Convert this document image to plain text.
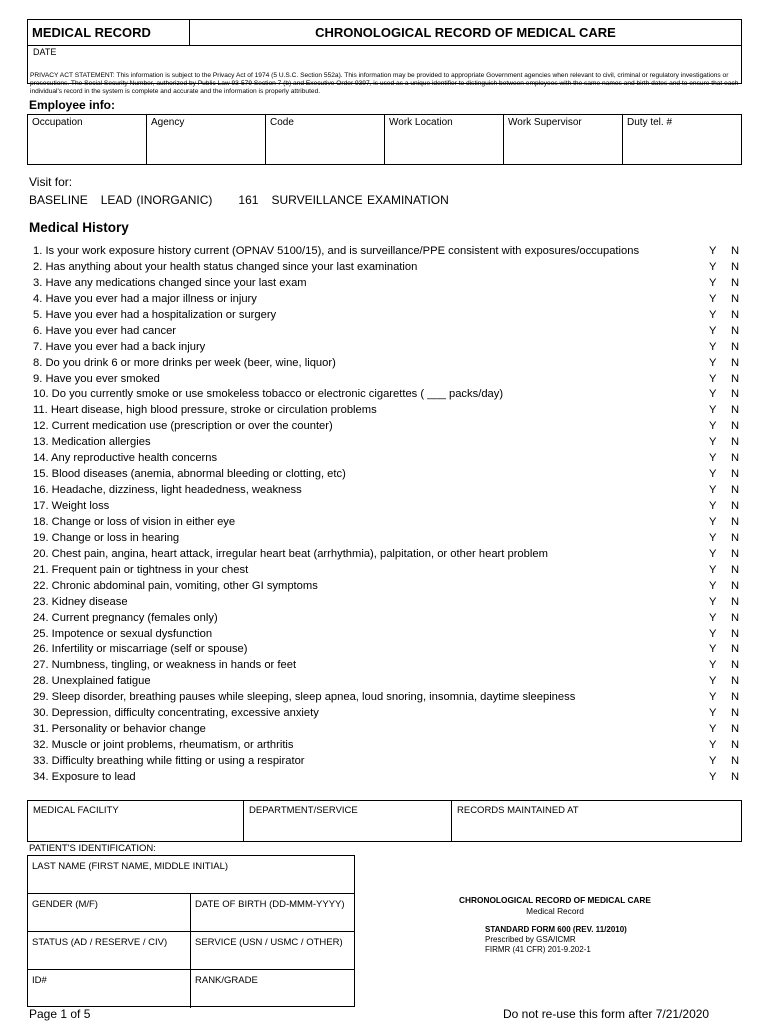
MEDICAL RECORD	CHRONOLOGICAL RECORD OF MEDICAL CARE
DATE
PRIVACY ACT STATEMENT: This information is subject to the Privacy Act of 1974 (5 U.S.C. Section 552a). This information may be provided to appropriate Government agencies when relevant to civil, criminal or regulatory investigations or prosecutions. The Social Security Number, authorized by Public Law 93-579 Section 7 (b) and Executive Order 9397, is used as a unique identifier to distinguish between employees with the same names and birth dates and to ensure that each individual's record in the system is complete and accurate and the information is properly attributed.
Employee info:
Occupation	Agency	Code	Work Location	Work Supervisor	Duty tel. #
Visit for:
BASELINE LEAD (INORGANIC) 161 SURVEILLANCE EXAMINATION
Medical History
1. Is your work exposure history current (OPNAV 5100/15), and is surveillance/PPE consistent with exposures/occupations	Y N
2. Has anything about your health status changed since your last examination	Y N
3. Have any medications changed since your last exam	Y N
4. Have you ever had a major illness or injury	Y N
5. Have you ever had a hospitalization or surgery	Y N
6. Have you ever had cancer	Y N
7. Have you ever had a back injury	Y N
8. Do you drink 6 or more drinks per week (beer, wine, liquor)	Y N
9. Have you ever smoked	Y N
10. Do you currently smoke or use smokeless tobacco or electronic cigarettes ( ___ packs/day)	Y N
11. Heart disease, high blood pressure, stroke or circulation problems	Y N
12. Current medication use (prescription or over the counter)	Y N
13. Medication allergies	Y N
14. Any reproductive health concerns	Y N
15. Blood diseases (anemia, abnormal bleeding or clotting, etc)	Y N
16. Headache, dizziness, light headedness, weakness	Y N
17. Weight loss	Y N
18. Change or loss of vision in either eye	Y N
19. Change or loss in hearing	Y N
20. Chest pain, angina, heart attack, irregular heart beat (arrhythmia), palpitation, or other heart problem	Y N
21. Frequent pain or tightness in your chest	Y N
22. Chronic abdominal pain, vomiting, other GI symptoms	Y N
23. Kidney disease	Y N
24. Current pregnancy (females only)	Y N
25. Impotence or sexual dysfunction	Y N
26. Infertility or miscarriage (self or spouse)	Y N
27. Numbness, tingling, or weakness in hands or feet	Y N
28. Unexplained fatigue	Y N
29. Sleep disorder, breathing pauses while sleeping, sleep apnea, loud snoring, insomnia, daytime sleepiness	Y N
30. Depression, difficulty concentrating, excessive anxiety	Y N
31. Personality or behavior change	Y N
32. Muscle or joint problems, rheumatism, or arthritis	Y N
33. Difficulty breathing while fitting or using a respirator	Y N
34. Exposure to lead	Y N
MEDICAL FACILITY	DEPARTMENT/SERVICE	RECORDS MAINTAINED AT
PATIENT'S IDENTIFICATION:
LAST NAME (FIRST NAME, MIDDLE INITIAL)
GENDER (M/F)	DATE OF BIRTH (DD-MMM-YYYY)
STATUS (AD / RESERVE / CIV)	SERVICE (USN / USMC / OTHER)
ID#	RANK/GRADE
CHRONOLOGICAL RECORD OF MEDICAL CARE
Medical Record
STANDARD FORM 600 (REV. 11/2010)
Prescribed by GSA/ICMR
FIRMR (41 CFR) 201-9.202-1
Page 1 of 5	Do not re-use this form after 7/21/2020
